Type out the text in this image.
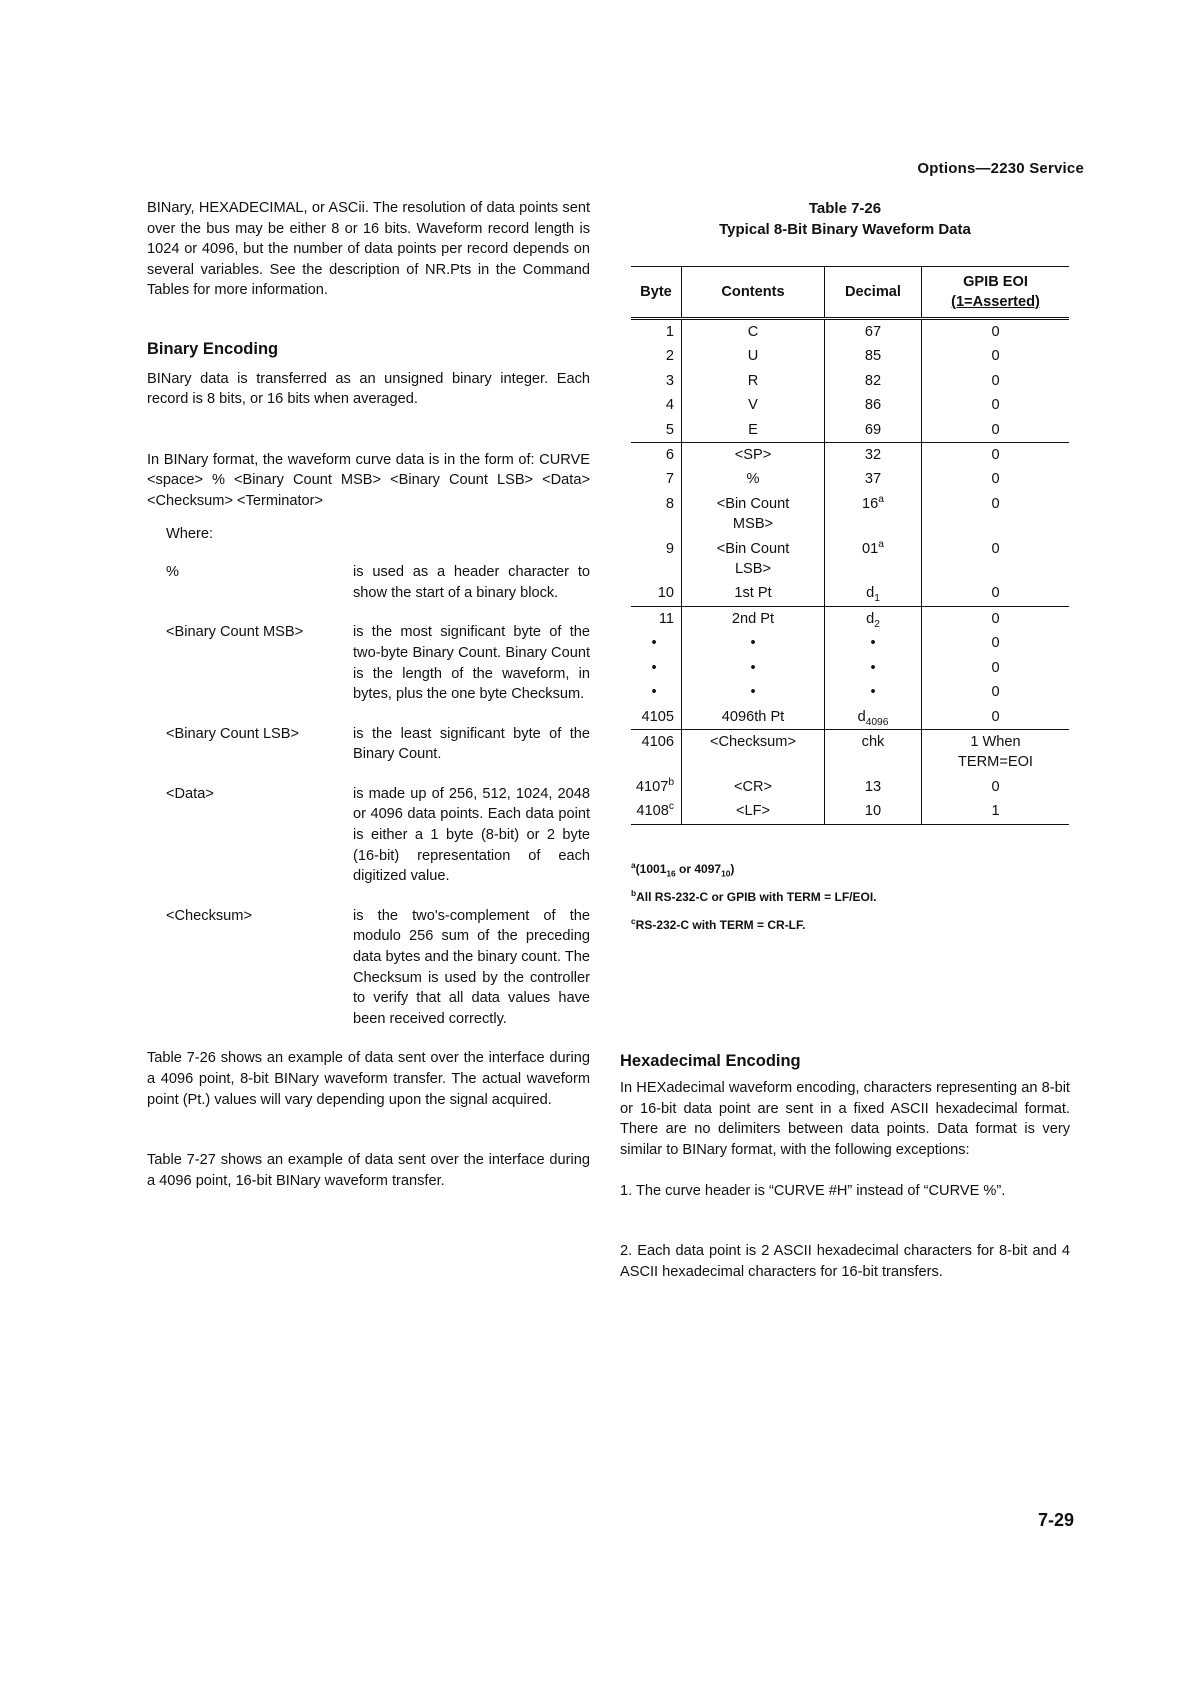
Options—2230 Service

BINary, HEXADECIMAL, or ASCii. The resolution of data points sent over the bus may be either 8 or 16 bits. Waveform record length is 1024 or 4096, but the number of data points per record depends on several variables. See the description of NR.Pts in the Command Tables for more information.

Binary Encoding

BINary data is transferred as an unsigned binary integer. Each record is 8 bits, or 16 bits when averaged.

In BINary format, the waveform curve data is in the form of: CURVE <space> % <Binary Count MSB> <Binary Count LSB> <Data> <Checksum> <Terminator>

Where:
%	is used as a header character to show the start of a binary block.
<Binary Count MSB>	is the most significant byte of the two-byte Binary Count. Binary Count is the length of the waveform, in bytes, plus the one byte Checksum.
<Binary Count LSB>	is the least significant byte of the Binary Count.
<Data>	is made up of 256, 512, 1024, 2048 or 4096 data points. Each data point is either a 1 byte (8-bit) or 2 byte (16-bit) representation of each digitized value.
<Checksum>	is the two's-complement of the modulo 256 sum of the preceding data bytes and the binary count. The Checksum is used by the controller to verify that all data values have been received correctly.

Table 7-26 shows an example of data sent over the interface during a 4096 point, 8-bit BINary waveform transfer. The actual waveform point (Pt.) values will vary depending upon the signal acquired.

Table 7-27 shows an example of data sent over the interface during a 4096 point, 16-bit BINary waveform transfer.

Table 7-26
Typical 8-Bit Binary Waveform Data
Byte	Contents	Decimal	GPIB EOI
(1=Asserted)

1	C	67	0
2	U	85	0
3	R	82	0
4	V	86	0
5	E	69	0
6	<SP>	32	0
7	%	37	0
8	<Bin Count
MSB>	$16^a$	0
9	<Bin Count
LSB>	$01^a$	0
10	1st Pt	$d_1$	0
11	2nd Pt	$d_2$	0
•	•	•	0
•	•	•	0
•	•	•	0
4105	4096th Pt	$d_{4096}$	0
4106	<Checksum>	chk	1 When
TERM=EOI

$4107^b$	<CR>	13	0
$4108^c$	<LF>	10	1
$^a(1001_{16}$ or $4097_{10}$)
$^b$All RS-232-C or GPIB with TERM = LF/EOI.
$^c$RS-232-C with TERM = CR-LF.
Hexadecimal Encoding

In HEXadecimal waveform encoding, characters representing an 8-bit or 16-bit data point are sent in a fixed ASCII hexadecimal format. There are no delimiters between data points. Data format is very similar to BINary format, with the following exceptions:

1. The curve header is “CURVE #H” instead of “CURVE %”.

2. Each data point is 2 ASCII hexadecimal characters for 8-bit and 4 ASCII hexadecimal characters for 16-bit transfers.

7-29
